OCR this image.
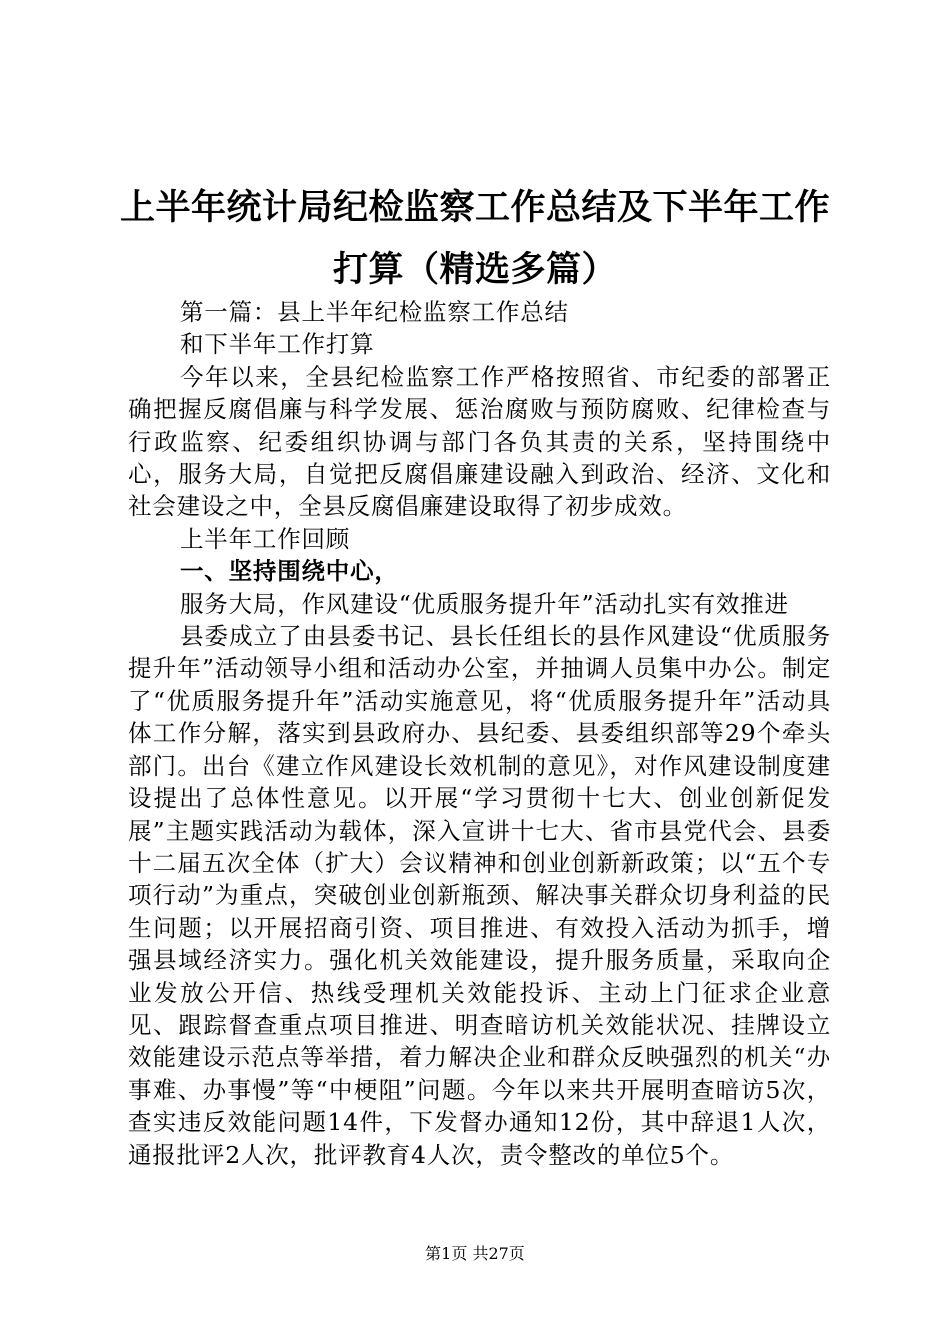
上半年统计局纪检监察工作总结及下半年工作
打算（精选多篇）

第一篇：县上半年纪检监察工作总结

和下半年工作打算

今年以来，全县纪检监察工作严格按照省、市纪委的部署正确把握反腐倡廉与科学发展、惩治腐败与预防腐败、纪律检查与行政监察、纪委组织协调与部门各负其责的关系，坚持围绕中心，服务大局，自觉把反腐倡廉建设融入到政治、经济、文化和社会建设之中，全县反腐倡廉建设取得了初步成效。

上半年工作回顾

一、坚持围绕中心，

服务大局，作风建设“优质服务提升年”活动扎实有效推进

县委成立了由县委书记、县长任组长的县作风建设“优质服务提升年”活动领导小组和活动办公室，并抽调人员集中办公。制定了“优质服务提升年”活动实施意见，将“优质服务提升年”活动具体工作分解，落实到县政府办、县纪委、县委组织部等29个牵头部门。出台《建立作风建设长效机制的意见》，对作风建设制度建设提出了总体性意见。以开展“学习贯彻十七大、创业创新促发展”主题实践活动为载体，深入宣讲十七大、省市县党代会、县委十二届五次全体（扩大）会议精神和创业创新新政策；以“五个专项行动”为重点，突破创业创新瓶颈、解决事关群众切身利益的民生问题；以开展招商引资、项目推进、有效投入活动为抓手，增强县域经济实力。强化机关效能建设，提升服务质量，采取向企业发放公开信、热线受理机关效能投诉、主动上门征求企业意见、跟踪督查重点项目推进、明查暗访机关效能状况、挂牌设立效能建设示范点等举措，着力解决企业和群众反映强烈的机关“办事难、办事慢”等“中梗阻”问题。今年以来共开展明查暗访5次，查实违反效能问题14件，下发督办通知12份，其中辞退1人次，通报批评2人次，批评教育4人次，责令整改的单位5个。

第1页 共27页
